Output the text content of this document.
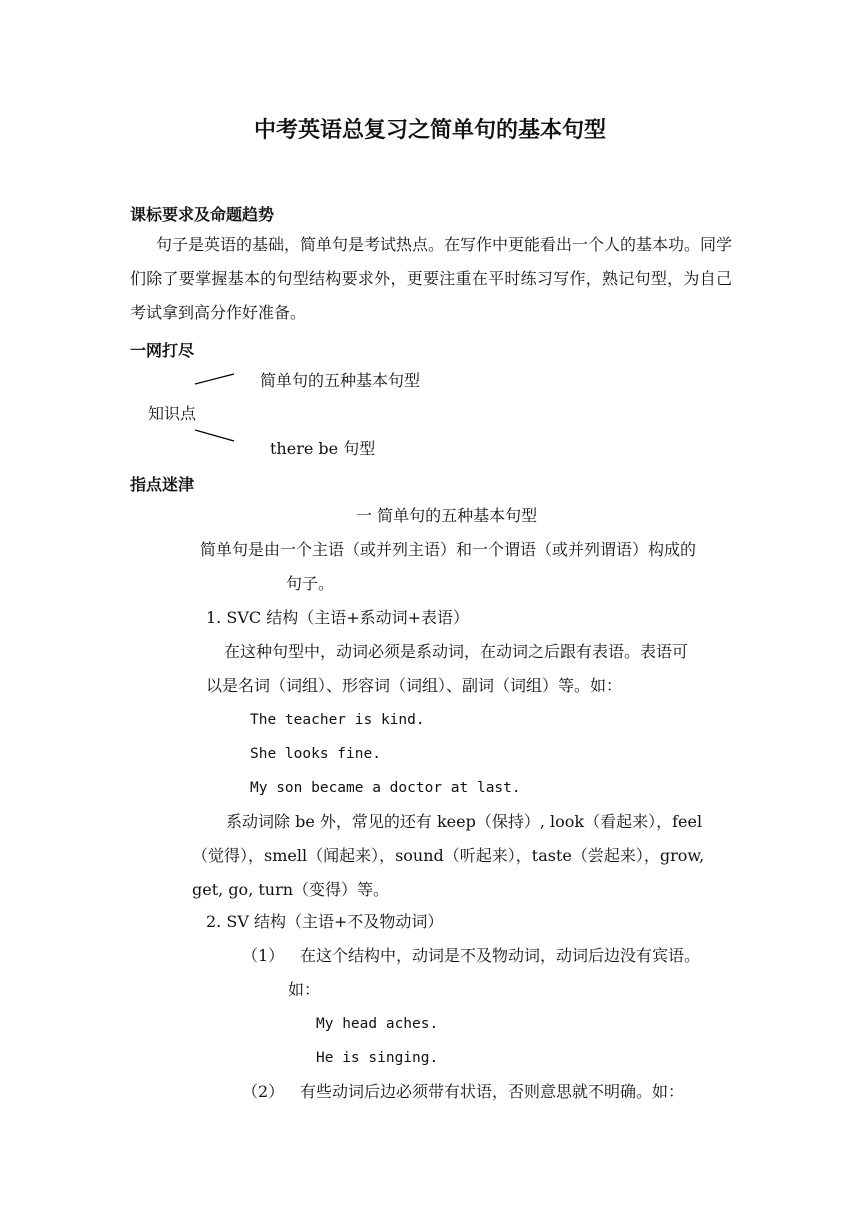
中考英语总复习之简单句的基本句型
课标要求及命题趋势
句子是英语的基础，简单句是考试热点。在写作中更能看出一个人的基本功。同学们除了要掌握基本的句型结构要求外，更要注重在平时练习写作，熟记句型，为自己考试拿到高分作好准备。
一网打尽
简单句的五种基本句型
知识点
there be 句型
指点迷津
一 简单句的五种基本句型
简单句是由一个主语（或并列主语）和一个谓语（或并列谓语）构成的
句子。
1. SVC 结构（主语+系动词+表语）
在这种句型中，动词必须是系动词，在动词之后跟有表语。表语可
以是名词（词组）、形容词（词组）、副词（词组）等。如：
The teacher is kind.
She looks fine.
My son became a doctor at last.
系动词除 be 外，常见的还有 keep（保持）, look（看起来），feel
（觉得），smell（闻起来），sound（听起来），taste（尝起来），grow,
get, go, turn（变得）等。
2. SV 结构（主语+不及物动词）
（1） 在这个结构中，动词是不及物动词，动词后边没有宾语。
如：
My head aches.
He is singing.
（2） 有些动词后边必须带有状语，否则意思就不明确。如：
